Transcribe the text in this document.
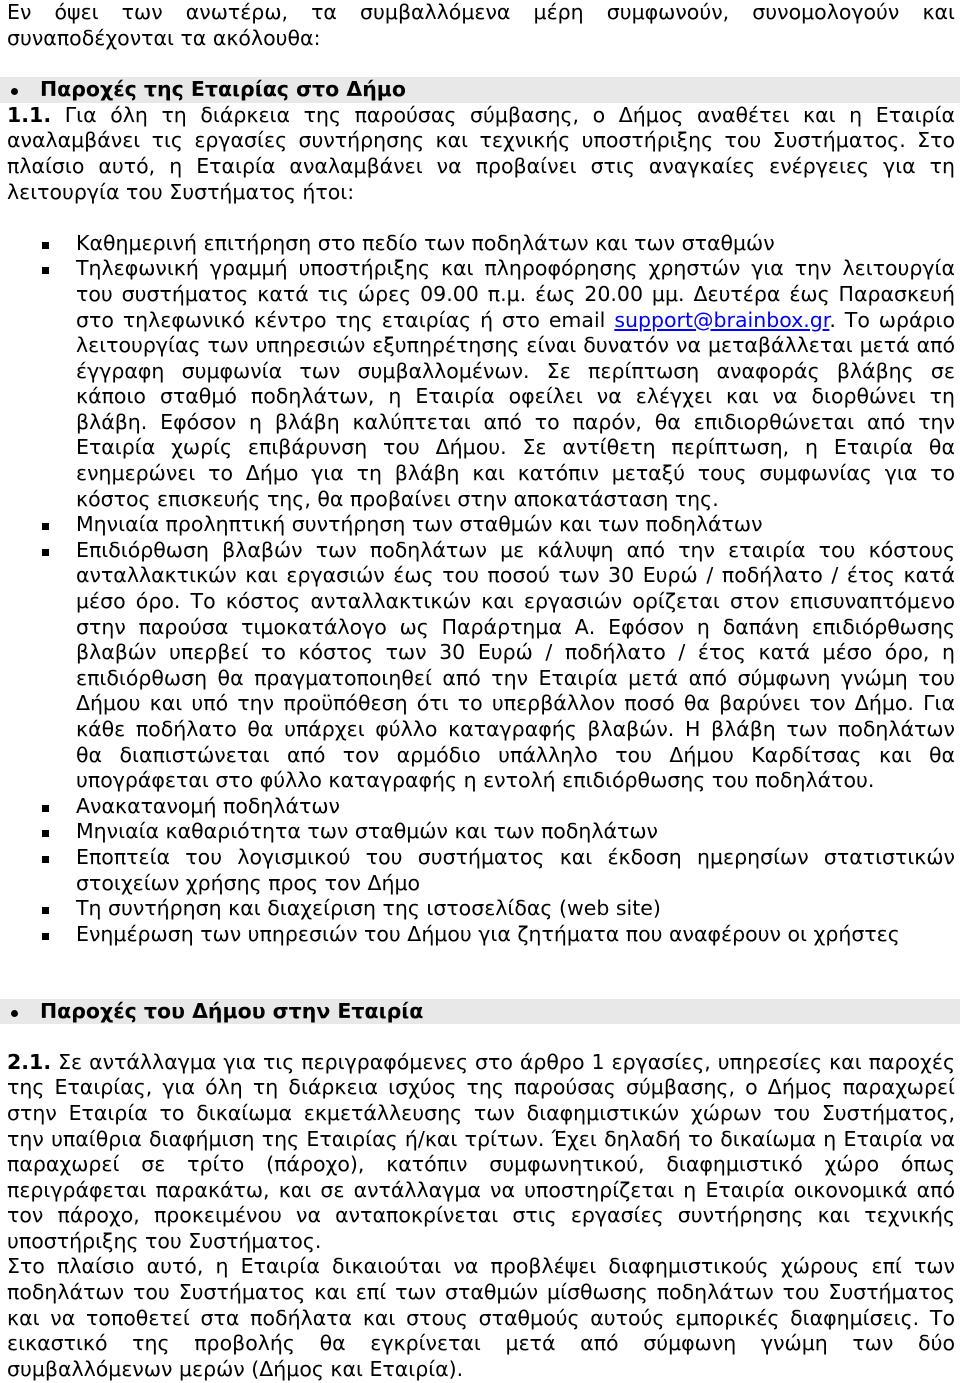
Εν όψει των ανωτέρω, τα συμβαλλόμενα μέρη συμφωνούν, συνομολογούν και
συναποδέχονται τα ακόλουθα:
Παροχές της Εταιρίας στο Δήμο
1.1. Για όλη τη διάρκεια της παρούσας σύμβασης, ο Δήμος αναθέτει και η Εταιρία
αναλαμβάνει τις εργασίες συντήρησης και τεχνικής υποστήριξης του Συστήματος. Στο
πλαίσιο αυτό, η Εταιρία αναλαμβάνει να προβαίνει στις αναγκαίες ενέργειες για τη
λειτουργία του Συστήματος ήτοι:
Καθημερινή επιτήρηση στο πεδίο των ποδηλάτων και των σταθμών
Τηλεφωνική γραμμή υποστήριξης και πληροφόρησης χρηστών για την λειτουργία
του συστήματος κατά τις ώρες 09.00 π.μ. έως 20.00 μμ. Δευτέρα έως Παρασκευή
στο τηλεφωνικό κέντρο της εταιρίας ή στο email support@brainbox.gr. Το ωράριο
λειτουργίας των υπηρεσιών εξυπηρέτησης είναι δυνατόν να μεταβάλλεται μετά από
έγγραφη συμφωνία των συμβαλλομένων. Σε περίπτωση αναφοράς βλάβης σε
κάποιο σταθμό ποδηλάτων, η Εταιρία οφείλει να ελέγχει και να διορθώνει τη
βλάβη. Εφόσον η βλάβη καλύπτεται από το παρόν, θα επιδιορθώνεται από την
Εταιρία χωρίς επιβάρυνση του Δήμου. Σε αντίθετη περίπτωση, η Εταιρία θα
ενημερώνει το Δήμο για τη βλάβη και κατόπιν μεταξύ τους συμφωνίας για το
κόστος επισκευής της, θα προβαίνει στην αποκατάσταση της.
Μηνιαία προληπτική συντήρηση των σταθμών και των ποδηλάτων
Επιδιόρθωση βλαβών των ποδηλάτων με κάλυψη από την εταιρία του κόστους
ανταλλακτικών και εργασιών έως του ποσού των 30 Ευρώ / ποδήλατο / έτος κατά
μέσο όρο. Το κόστος ανταλλακτικών και εργασιών ορίζεται στον επισυναπτόμενο
στην παρούσα τιμοκατάλογο ως Παράρτημα Α. Εφόσον η δαπάνη επιδιόρθωσης
βλαβών υπερβεί το κόστος των 30 Ευρώ / ποδήλατο / έτος κατά μέσο όρο, η
επιδιόρθωση θα πραγματοποιηθεί από την Εταιρία μετά από σύμφωνη γνώμη του
Δήμου και υπό την προϋπόθεση ότι το υπερβάλλον ποσό θα βαρύνει τον Δήμο. Για
κάθε ποδήλατο θα υπάρχει φύλλο καταγραφής βλαβών. Η βλάβη των ποδηλάτων
θα διαπιστώνεται από τον αρμόδιο υπάλληλο του Δήμου Καρδίτσας και θα
υπογράφεται στο φύλλο καταγραφής η εντολή επιδιόρθωσης του ποδηλάτου.
Ανακατανομή ποδηλάτων
Μηνιαία καθαριότητα των σταθμών και των ποδηλάτων
Εποπτεία του λογισμικού του συστήματος και έκδοση ημερησίων στατιστικών
στοιχείων χρήσης προς τον Δήμο
Τη συντήρηση και διαχείριση της ιστοσελίδας (web site)
Ενημέρωση των υπηρεσιών του Δήμου για ζητήματα που αναφέρουν οι χρήστες
Παροχές του Δήμου στην Εταιρία
2.1. Σε αντάλλαγμα για τις περιγραφόμενες στο άρθρο 1 εργασίες, υπηρεσίες και παροχές
της Εταιρίας, για όλη τη διάρκεια ισχύος της παρούσας σύμβασης, ο Δήμος παραχωρεί
στην Εταιρία το δικαίωμα εκμετάλλευσης των διαφημιστικών χώρων του Συστήματος,
την υπαίθρια διαφήμιση της Εταιρίας ή/και τρίτων. Έχει δηλαδή το δικαίωμα η Εταιρία να
παραχωρεί σε τρίτο (πάροχο), κατόπιν συμφωνητικού, διαφημιστικό χώρο όπως
περιγράφεται παρακάτω, και σε αντάλλαγμα να υποστηρίζεται η Εταιρία οικονομικά από
τον πάροχο, προκειμένου να ανταποκρίνεται στις εργασίες συντήρησης και τεχνικής
υποστήριξης του Συστήματος.
Στο πλαίσιο αυτό, η Εταιρία δικαιούται να προβλέψει διαφημιστικούς χώρους επί των
ποδηλάτων του Συστήματος και επί των σταθμών μίσθωσης ποδηλάτων του Συστήματος
και να τοποθετεί στα ποδήλατα και στους σταθμούς αυτούς εμπορικές διαφημίσεις. Το
εικαστικό της προβολής θα εγκρίνεται μετά από σύμφωνη γνώμη των δύο
συμβαλλόμενων μερών (Δήμος και Εταιρία).
